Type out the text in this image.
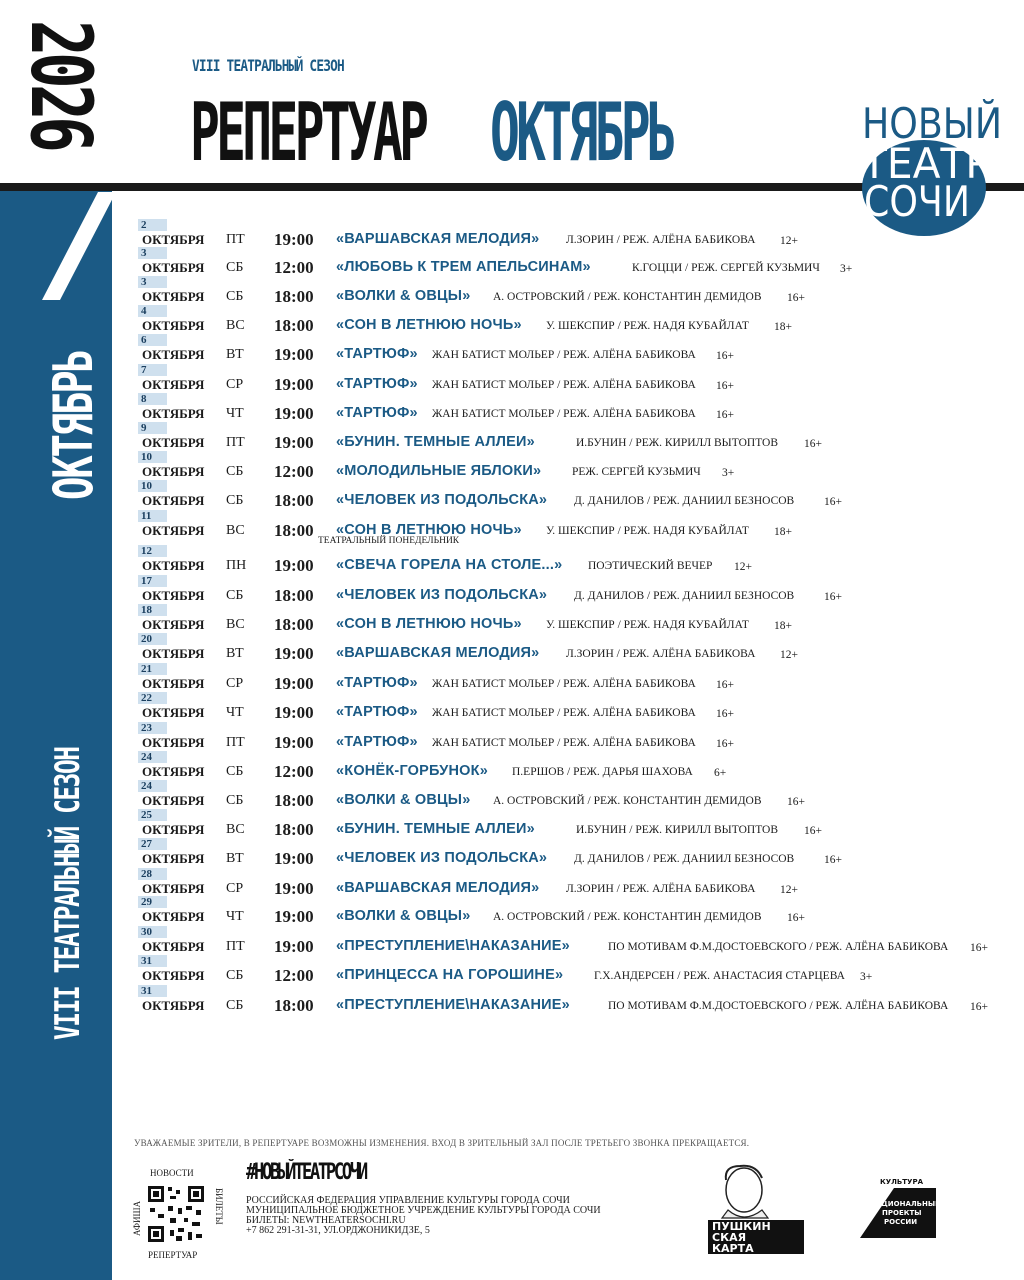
2026
ОКТЯБРЬ
VIII ТЕАТРАЛЬНЫЙ СЕЗОН
VIII ТЕАТРАЛЬНЫЙ СЕЗОН
РЕПЕРТУАР ОКТЯБРЬ	НОВЫЙ
ТЕАТР
СОЧИ
2
ОКТЯБРЯ ПТ 19:00 «ВАРШАВСКАЯ МЕЛОДИЯ» Л.ЗОРИН / РЕЖ. АЛЁНА БАБИКОВА 12+
3
ОКТЯБРЯ СБ 12:00 «ЛЮБОВЬ К ТРЕМ АПЕЛЬСИНАМ»	К.ГОЦЦИ / РЕЖ. СЕРГЕЙ КУЗЬМИЧ 3+
3
ОКТЯБРЯ СБ 18:00 «ВОЛКИ & ОВЦЫ» А. ОСТРОВСКИЙ / РЕЖ. КОНСТАНТИН ДЕМИДОВ 16+
4
ОКТЯБРЯ ВС 18:00 «СОН В ЛЕТНЮЮ НОЧЬ» У. ШЕКСПИР / РЕЖ. НАДЯ КУБАЙЛАТ 18+
6
ОКТЯБРЯ ВТ 19:00 «ТАРТЮФ» ЖАН БАТИСТ МОЛЬЕР / РЕЖ. АЛЁНА БАБИКОВА 16+
7
ОКТЯБРЯ СР 19:00 «ТАРТЮФ» ЖАН БАТИСТ МОЛЬЕР / РЕЖ. АЛЁНА БАБИКОВА 16+
8
ОКТЯБРЯ ЧТ 19:00 «ТАРТЮФ» ЖАН БАТИСТ МОЛЬЕР / РЕЖ. АЛЁНА БАБИКОВА 16+
9
ОКТЯБРЯ ПТ 19:00 «БУНИН. ТЕМНЫЕ АЛЛЕИ»	И.БУНИН / РЕЖ. КИРИЛЛ ВЫТОПТОВ 16+
10
ОКТЯБРЯ СБ 12:00 «МОЛОДИЛЬНЫЕ ЯБЛОКИ»	РЕЖ. СЕРГЕЙ КУЗЬМИЧ 3+
10
ОКТЯБРЯ СБ 18:00 «ЧЕЛОВЕК ИЗ ПОДОЛЬСКА» Д. ДАНИЛОВ / РЕЖ. ДАНИИЛ БЕЗНОСОВ	16+
11
ОКТЯБРЯ ВС 18:00 «СОН В ЛЕТНЮЮ НОЧЬ» У. ШЕКСПИР / РЕЖ. НАДЯ КУБАЙЛАТ 18+
12
ОКТЯБРЯ ПН 19:00 «СВЕЧА ГОРЕЛА НА СТОЛЕ...» ПОЭТИЧЕСКИЙ ВЕЧЕР 12+
ТЕАТРАЛЬНЫЙ ПОНЕДЕЛЬНИК
17
ОКТЯБРЯ СБ 18:00 «ЧЕЛОВЕК ИЗ ПОДОЛЬСКА» Д. ДАНИЛОВ / РЕЖ. ДАНИИЛ БЕЗНОСОВ	16+
18
ОКТЯБРЯ ВС 18:00 «СОН В ЛЕТНЮЮ НОЧЬ» У. ШЕКСПИР / РЕЖ. НАДЯ КУБАЙЛАТ 18+
20
ОКТЯБРЯ ВТ 19:00 «ВАРШАВСКАЯ МЕЛОДИЯ» Л.ЗОРИН / РЕЖ. АЛЁНА БАБИКОВА 12+
21
ОКТЯБРЯ СР 19:00 «ТАРТЮФ» ЖАН БАТИСТ МОЛЬЕР / РЕЖ. АЛЁНА БАБИКОВА 16+
22
ОКТЯБРЯ ЧТ 19:00 «ТАРТЮФ» ЖАН БАТИСТ МОЛЬЕР / РЕЖ. АЛЁНА БАБИКОВА 16+
23
ОКТЯБРЯ ПТ 19:00 «ТАРТЮФ» ЖАН БАТИСТ МОЛЬЕР / РЕЖ. АЛЁНА БАБИКОВА 16+
24
ОКТЯБРЯ СБ 12:00 «КОНЁК-ГОРБУНОК» П.ЕРШОВ / РЕЖ. ДАРЬЯ ШАХОВА 6+
24
ОКТЯБРЯ СБ 18:00 «ВОЛКИ & ОВЦЫ» А. ОСТРОВСКИЙ / РЕЖ. КОНСТАНТИН ДЕМИДОВ 16+
25
ОКТЯБРЯ ВС 18:00 «БУНИН. ТЕМНЫЕ АЛЛЕИ»	И.БУНИН / РЕЖ. КИРИЛЛ ВЫТОПТОВ 16+
27
ОКТЯБРЯ ВТ 19:00 «ЧЕЛОВЕК ИЗ ПОДОЛЬСКА» Д. ДАНИЛОВ / РЕЖ. ДАНИИЛ БЕЗНОСОВ	16+
28
ОКТЯБРЯ СР 19:00 «ВАРШАВСКАЯ МЕЛОДИЯ» Л.ЗОРИН / РЕЖ. АЛЁНА БАБИКОВА 12+
29
ОКТЯБРЯ ЧТ 19:00 «ВОЛКИ & ОВЦЫ» А. ОСТРОВСКИЙ / РЕЖ. КОНСТАНТИН ДЕМИДОВ 16+
30
ОКТЯБРЯ ПТ 19:00 «ПРЕСТУПЛЕНИЕ\НАКАЗАНИЕ»	ПО МОТИВАМ Ф.М.ДОСТОЕВСКОГО / РЕЖ. АЛЁНА БАБИКОВА 16+
31
ОКТЯБРЯ СБ 12:00 «ПРИНЦЕССА НА ГОРОШИНЕ»	Г.Х.АНДЕРСЕН / РЕЖ. АНАСТАСИЯ СТАРЦЕВА 3+
31
ОКТЯБРЯ СБ 18:00 «ПРЕСТУПЛЕНИЕ\НАКАЗАНИЕ»	ПО МОТИВАМ Ф.М.ДОСТОЕВСКОГО / РЕЖ. АЛЁНА БАБИКОВА 16+
УВАЖАЕМЫЕ ЗРИТЕЛИ, В РЕПЕРТУАРЕ ВОЗМОЖНЫ ИЗМЕНЕНИЯ. ВХОД В ЗРИТЕЛЬНЫЙ ЗАЛ ПОСЛЕ ТРЕТЬЕГО ЗВОНКА ПРЕКРАЩАЕТСЯ.
НОВОСТИ
АФИША	БИЛЕТЫ
РЕПЕРТУАР
#НОВЫЙТЕАТРСОЧИ
РОССИЙСКАЯ ФЕДЕРАЦИЯ УПРАВЛЕНИЕ КУЛЬТУРЫ ГОРОДА СОЧИ
МУНИЦИПАЛЬНОЕ БЮДЖЕТНОЕ УЧРЕЖДЕНИЕ КУЛЬТУРЫ ГОРОДА СОЧИ
БИЛЕТЫ: NEWTHEATERSOCHI.RU
+7 862 291-31-31, УЛ.ОРДЖОНИКИДЗЕ, 5	ПУШКИН
СКАЯ
КАРТА
КУЛЬТУРА
НАЦИОНАЛЬНЫЕ
ПРОЕКТЫ
РОССИИ
